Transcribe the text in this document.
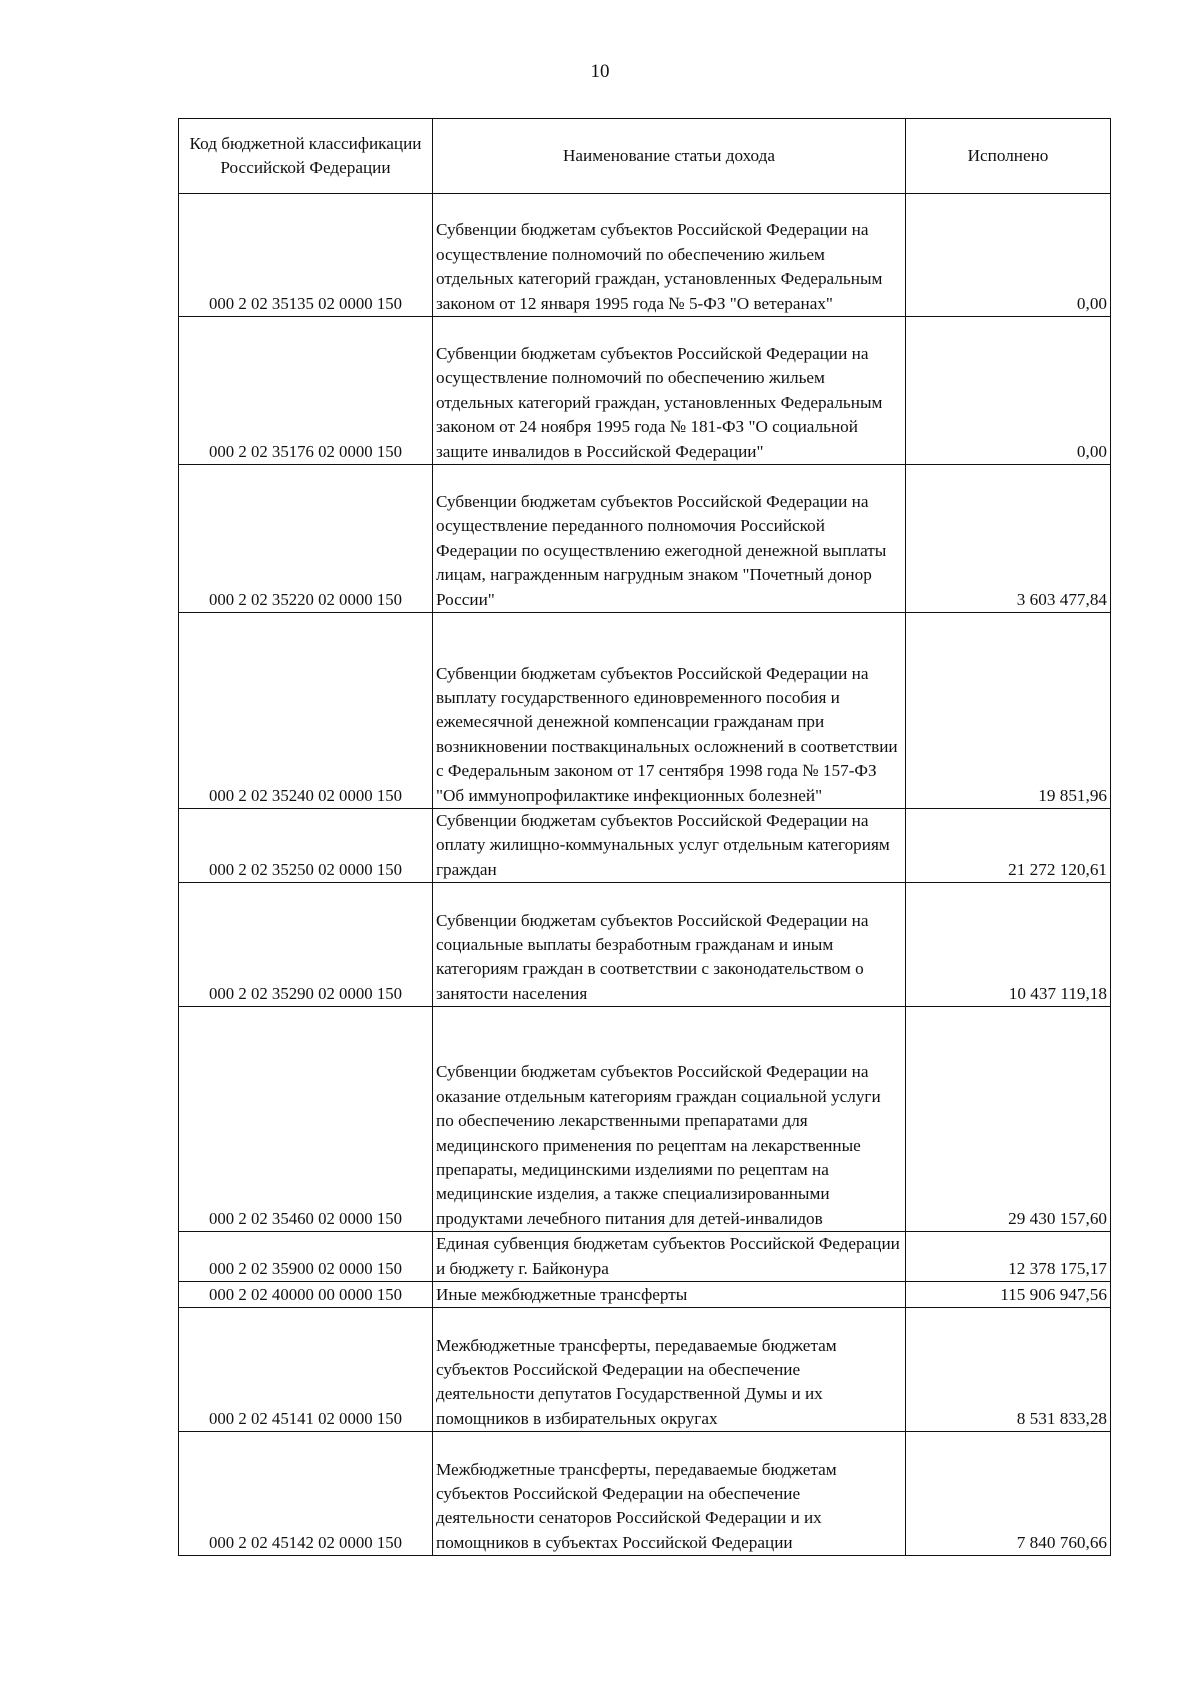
10
Код бюджетной классификации Российской Федерации	Наименование статьи дохода	Исполнено
000 2 02 35135 02 0000 150	Субвенции бюджетам субъектов Российской Федерации на осуществление полномочий по обеспечению жильем отдельных категорий граждан, установленных Федеральным законом от 12 января 1995 года № 5-ФЗ "О ветеранах"	0,00
000 2 02 35176 02 0000 150	Субвенции бюджетам субъектов Российской Федерации на осуществление полномочий по обеспечению жильем отдельных категорий граждан, установленных Федеральным законом от 24 ноября 1995 года № 181-ФЗ "О социальной защите инвалидов в Российской Федерации"	0,00
000 2 02 35220 02 0000 150	Субвенции бюджетам субъектов Российской Федерации на осуществление переданного полномочия Российской Федерации по осуществлению ежегодной денежной выплаты лицам, награжденным нагрудным знаком "Почетный донор России"	3 603 477,84
000 2 02 35240 02 0000 150	Субвенции бюджетам субъектов Российской Федерации на выплату государственного единовременного пособия и ежемесячной денежной компенсации гражданам при возникновении поствакцинальных осложнений в соответствии с Федеральным законом от 17 сентября 1998 года № 157-ФЗ "Об иммунопрофилактике инфекционных болезней"	19 851,96
000 2 02 35250 02 0000 150	Субвенции бюджетам субъектов Российской Федерации на оплату жилищно-коммунальных услуг отдельным категориям граждан	21 272 120,61
000 2 02 35290 02 0000 150	Субвенции бюджетам субъектов Российской Федерации на социальные выплаты безработным гражданам и иным категориям граждан в соответствии с законодательством о занятости населения	10 437 119,18
000 2 02 35460 02 0000 150	Субвенции бюджетам субъектов Российской Федерации на оказание отдельным категориям граждан социальной услуги по обеспечению лекарственными препаратами для медицинского применения по рецептам на лекарственные препараты, медицинскими изделиями по рецептам на медицинские изделия, а также специализированными продуктами лечебного питания для детей-инвалидов	29 430 157,60
000 2 02 35900 02 0000 150	Единая субвенция бюджетам субъектов Российской Федерации и бюджету г. Байконура	12 378 175,17
000 2 02 40000 00 0000 150	Иные межбюджетные трансферты	115 906 947,56
000 2 02 45141 02 0000 150	Межбюджетные трансферты, передаваемые бюджетам субъектов Российской Федерации на обеспечение деятельности депутатов Государственной Думы и их помощников в избирательных округах	8 531 833,28
000 2 02 45142 02 0000 150	Межбюджетные трансферты, передаваемые бюджетам субъектов Российской Федерации на обеспечение деятельности сенаторов Российской Федерации и их помощников в субъектах Российской Федерации	7 840 760,66
